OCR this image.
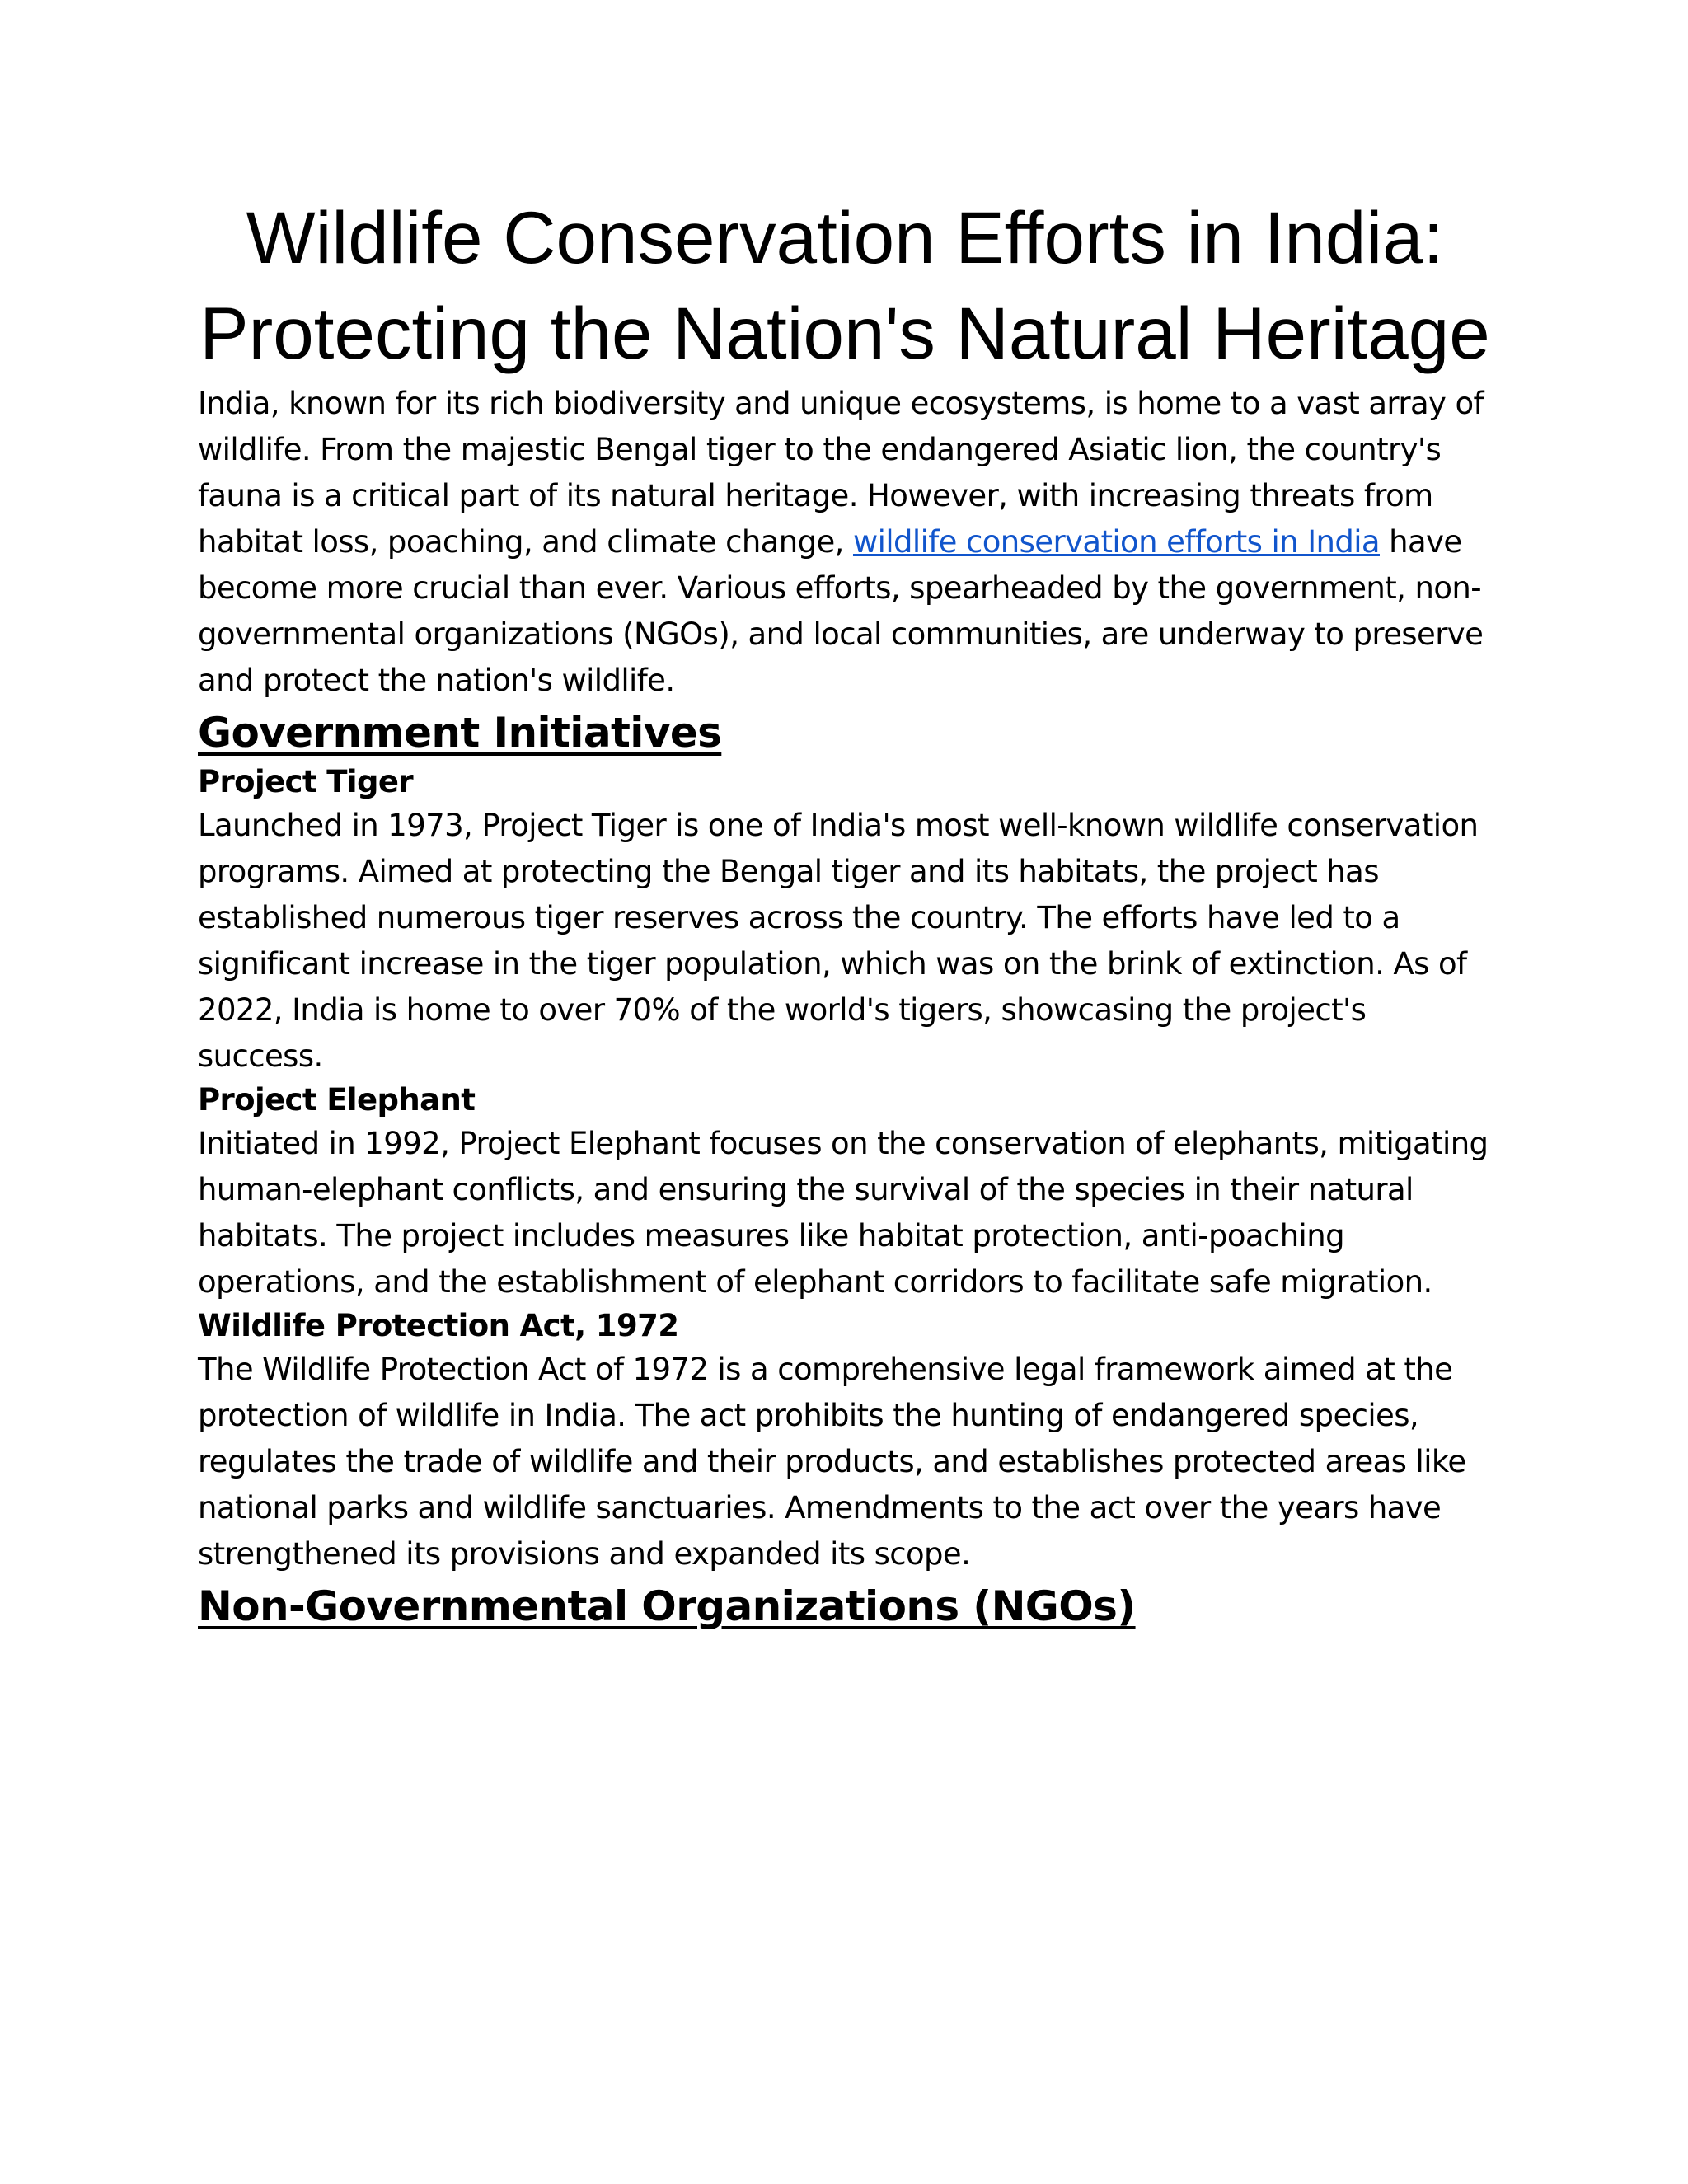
Wildlife Conservation Efforts in India:
Protecting the Nation's Natural Heritage

India, known for its rich biodiversity and unique ecosystems, is home to a vast array of wildlife. From the majestic Bengal tiger to the endangered Asiatic lion, the country's fauna is a critical part of its natural heritage. However, with increasing threats from habitat loss, poaching, and climate change, wildlife conservation efforts in India have become more crucial than ever. Various efforts, spearheaded by the government, non-governmental organizations (NGOs), and local communities, are underway to preserve and protect the nation's wildlife.

Government Initiatives
Project Tiger

Launched in 1973, Project Tiger is one of India's most well-known wildlife conservation programs. Aimed at protecting the Bengal tiger and its habitats, the project has established numerous tiger reserves across the country. The efforts have led to a significant increase in the tiger population, which was on the brink of extinction. As of 2022, India is home to over 70% of the world's tigers, showcasing the project's success.

Project Elephant

Initiated in 1992, Project Elephant focuses on the conservation of elephants, mitigating human-elephant conflicts, and ensuring the survival of the species in their natural habitats. The project includes measures like habitat protection, anti-poaching operations, and the establishment of elephant corridors to facilitate safe migration.

Wildlife Protection Act, 1972

The Wildlife Protection Act of 1972 is a comprehensive legal framework aimed at the protection of wildlife in India. The act prohibits the hunting of endangered species, regulates the trade of wildlife and their products, and establishes protected areas like national parks and wildlife sanctuaries. Amendments to the act over the years have strengthened its provisions and expanded its scope.

Non-Governmental Organizations (NGOs)
